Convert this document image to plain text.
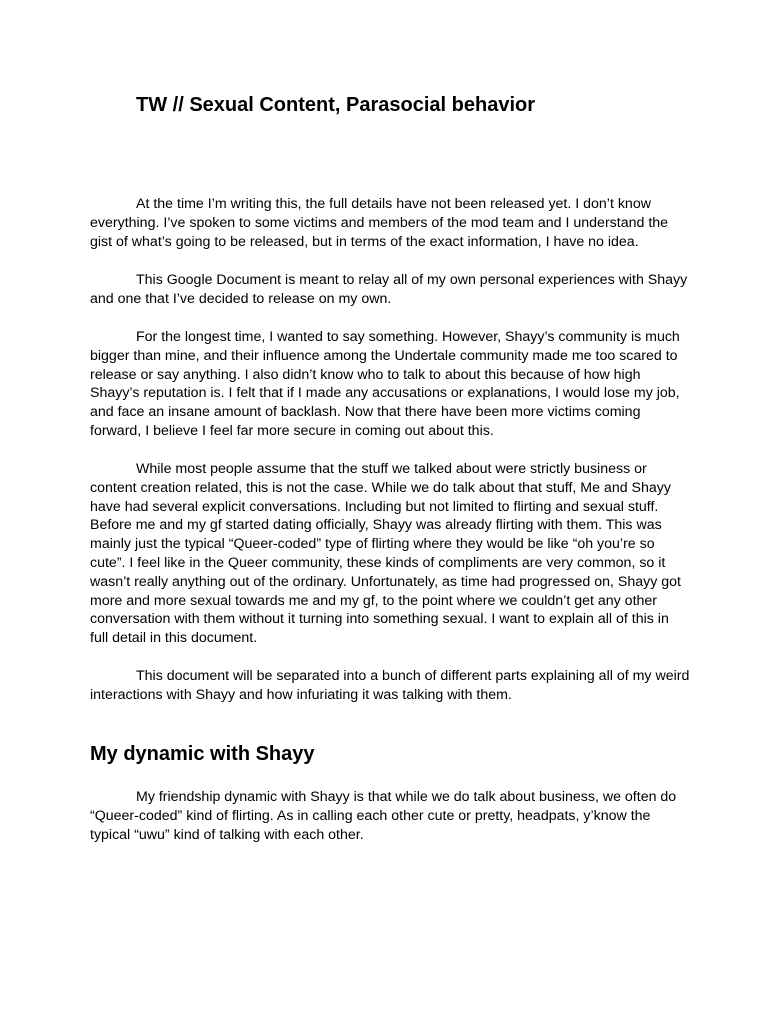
TW // Sexual Content, Parasocial behavior

At the time I’m writing this, the full details have not been released yet. I don’t know everything. I’ve spoken to some victims and members of the mod team and I understand the gist of what’s going to be released, but in terms of the exact information, I have no idea.

This Google Document is meant to relay all of my own personal experiences with Shayy and one that I’ve decided to release on my own.

For the longest time, I wanted to say something. However, Shayy’s community is much bigger than mine, and their influence among the Undertale community made me too scared to release or say anything. I also didn’t know who to talk to about this because of how high Shayy’s reputation is. I felt that if I made any accusations or explanations, I would lose my job, and face an insane amount of backlash. Now that there have been more victims coming forward, I believe I feel far more secure in coming out about this.

While most people assume that the stuff we talked about were strictly business or content creation related, this is not the case. While we do talk about that stuff, Me and Shayy have had several explicit conversations. Including but not limited to flirting and sexual stuff. Before me and my gf started dating officially, Shayy was already flirting with them. This was mainly just the typical “Queer-coded” type of flirting where they would be like “oh you’re so cute”. I feel like in the Queer community, these kinds of compliments are very common, so it wasn’t really anything out of the ordinary. Unfortunately, as time had progressed on, Shayy got more and more sexual towards me and my gf, to the point where we couldn’t get any other conversation with them without it turning into something sexual. I want to explain all of this in full detail in this document.

This document will be separated into a bunch of different parts explaining all of my weird interactions with Shayy and how infuriating it was talking with them.

My dynamic with Shayy

My friendship dynamic with Shayy is that while we do talk about business, we often do “Queer-coded” kind of flirting. As in calling each other cute or pretty, headpats, y’know the typical “uwu” kind of talking with each other.
